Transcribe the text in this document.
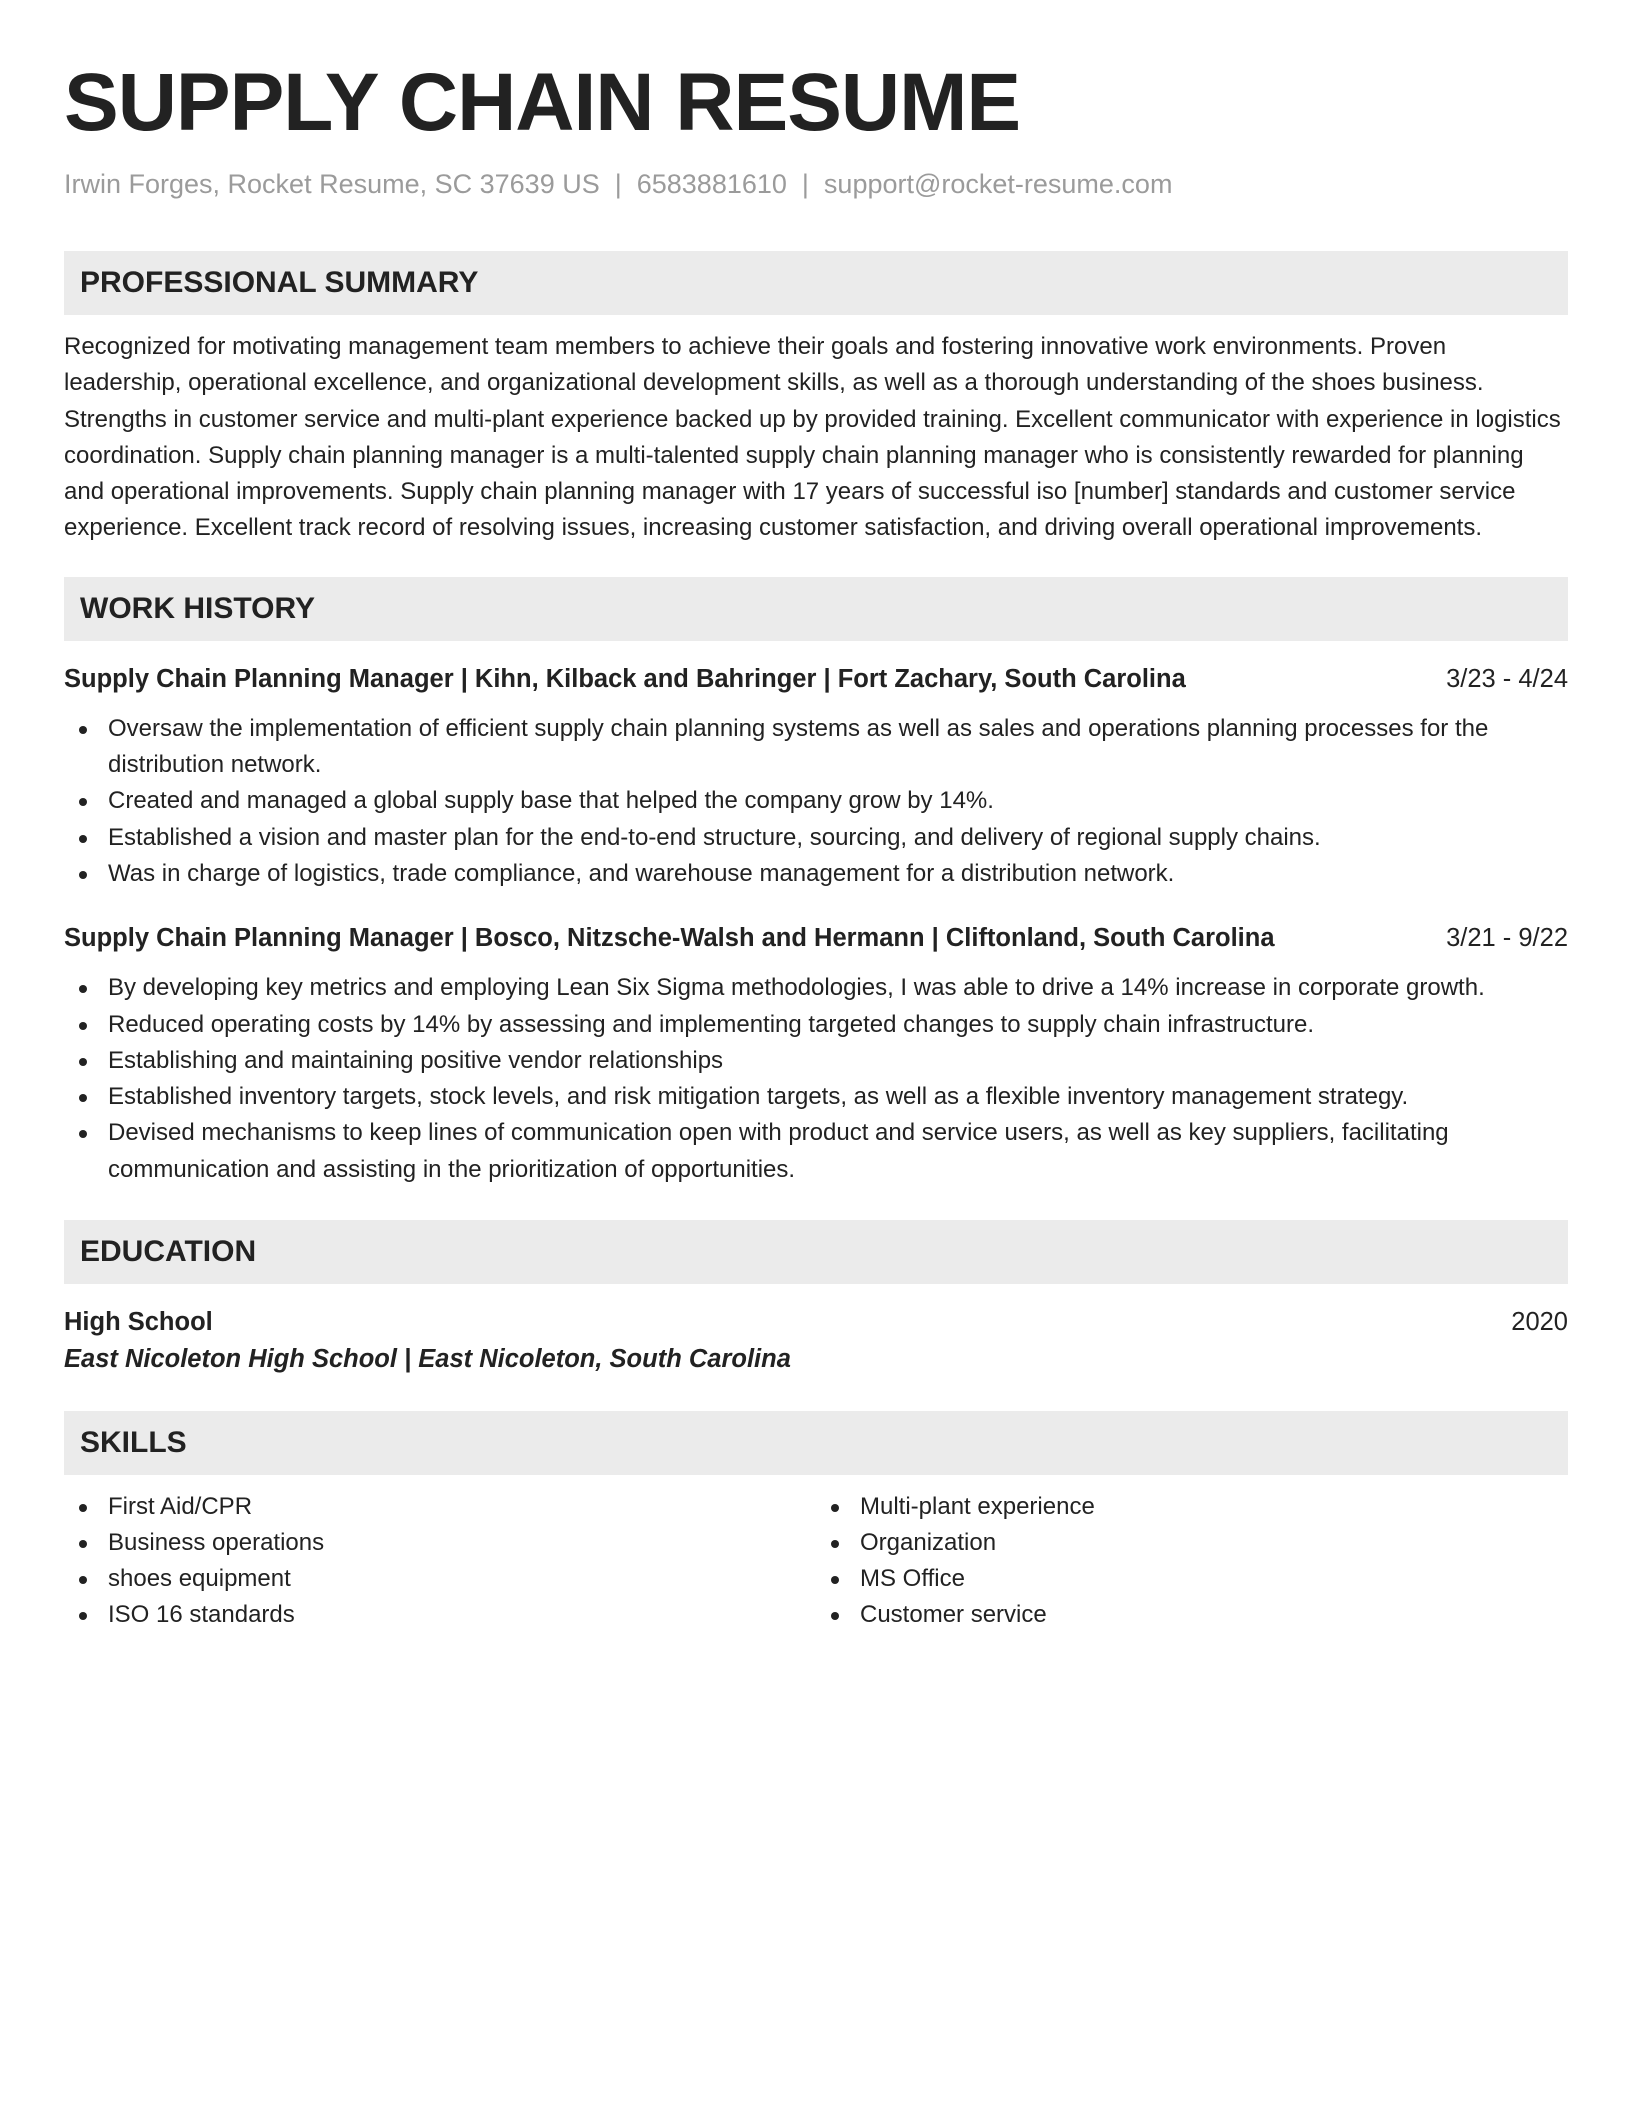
SUPPLY CHAIN RESUME
Irwin Forges, Rocket Resume, SC 37639 US | 6583881610 | support@rocket-resume.com
PROFESSIONAL SUMMARY
Recognized for motivating management team members to achieve their goals and fostering innovative work environments. Proven leadership, operational excellence, and organizational development skills, as well as a thorough understanding of the shoes business. Strengths in customer service and multi-plant experience backed up by provided training. Excellent communicator with experience in logistics coordination. Supply chain planning manager is a multi-talented supply chain planning manager who is consistently rewarded for planning and operational improvements. Supply chain planning manager with 17 years of successful iso [number] standards and customer service experience. Excellent track record of resolving issues, increasing customer satisfaction, and driving overall operational improvements.
WORK HISTORY
Supply Chain Planning Manager | Kihn, Kilback and Bahringer | Fort Zachary, South Carolina	3/23 - 4/24
Oversaw the implementation of efficient supply chain planning systems as well as sales and operations planning processes for the distribution network.
Created and managed a global supply base that helped the company grow by 14%.
Established a vision and master plan for the end-to-end structure, sourcing, and delivery of regional supply chains.
Was in charge of logistics, trade compliance, and warehouse management for a distribution network.
Supply Chain Planning Manager | Bosco, Nitzsche-Walsh and Hermann | Cliftonland, South Carolina	3/21 - 9/22
By developing key metrics and employing Lean Six Sigma methodologies, I was able to drive a 14% increase in corporate growth.
Reduced operating costs by 14% by assessing and implementing targeted changes to supply chain infrastructure.
Establishing and maintaining positive vendor relationships
Established inventory targets, stock levels, and risk mitigation targets, as well as a flexible inventory management strategy.
Devised mechanisms to keep lines of communication open with product and service users, as well as key suppliers, facilitating communication and assisting in the prioritization of opportunities.
EDUCATION
High School	2020
East Nicoleton High School | East Nicoleton, South Carolina
SKILLS
First Aid/CPR
Business operations
shoes equipment
ISO 16 standards
Multi-plant experience
Organization
MS Office
Customer service
